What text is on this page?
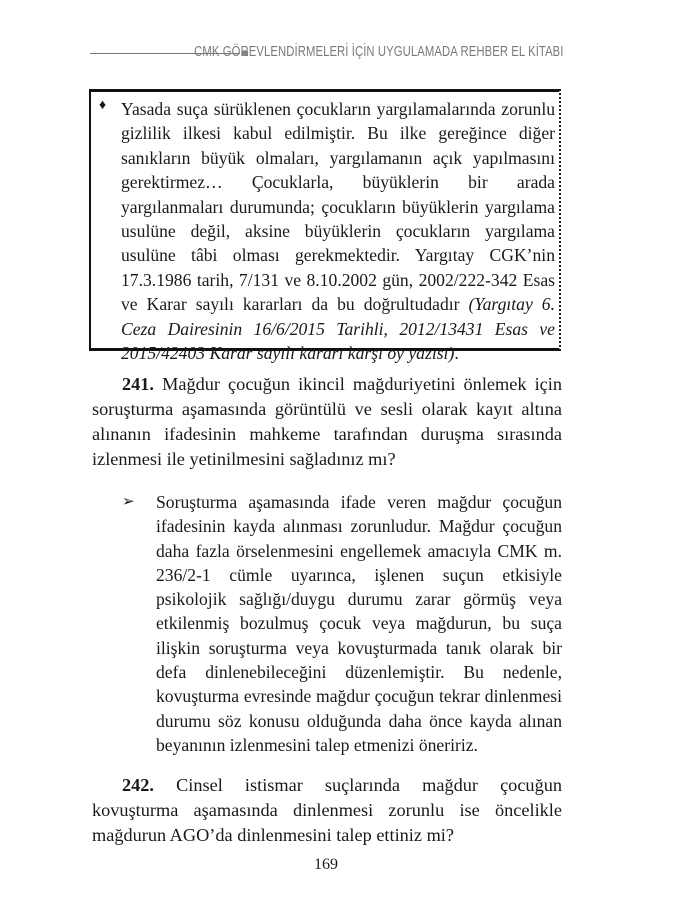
CMK GÖREVLENDİRMELERİ İÇİN UYGULAMADA REHBER EL KİTABI
♦ Yasada suça sürüklenen çocukların yargılamalarında zorunlu gizlilik ilkesi kabul edilmiştir. Bu ilke gereğince diğer sanıkların büyük olmaları, yargılamanın açık yapılmasını gerektirmez… Çocuklarla, büyüklerin bir arada yargılanmaları durumunda; çocukların büyüklerin yargılama usulüne değil, aksine büyüklerin çocukların yargılama usulüne tâbi olması gerekmektedir. Yargıtay CGK’nin 17.3.1986 tarih, 7/131 ve 8.10.2002 gün, 2002/222-342 Esas ve Karar sayılı kararları da bu doğrultudadır (Yargıtay 6. Ceza Dairesinin 16/6/2015 Tarihli, 2012/13431 Esas ve 2015/42403 Karar sayılı kararı karşı oy yazısı).
241. Mağdur çocuğun ikincil mağduriyetini önlemek için soruşturma aşamasında görüntülü ve sesli olarak kayıt altına alınanın ifadesinin mahkeme tarafından duruşma sırasında izlenmesi ile yetinilmesini sağladınız mı?
➢ Soruşturma aşamasında ifade veren mağdur çocuğun ifadesinin kayda alınması zorunludur. Mağdur çocuğun daha fazla örselenmesini engellemek amacıyla CMK m. 236/2-1 cümle uyarınca, işlenen suçun etkisiyle psikolojik sağlığı/duygu durumu zarar görmüş veya etkilenmiş bozulmuş çocuk veya mağdurun, bu suça ilişkin soruşturma veya kovuşturmada tanık olarak bir defa dinlenebileceğini düzenlemiştir. Bu nedenle, kovuşturma evresinde mağdur çocuğun tekrar dinlenmesi durumu söz konusu olduğunda daha önce kayda alınan beyanının izlenmesini talep etmenizi öneririz.
242. Cinsel istismar suçlarında mağdur çocuğun kovuşturma aşamasında dinlenmesi zorunlu ise öncelikle mağdurun AGO’da dinlenmesini talep ettiniz mi?
169
